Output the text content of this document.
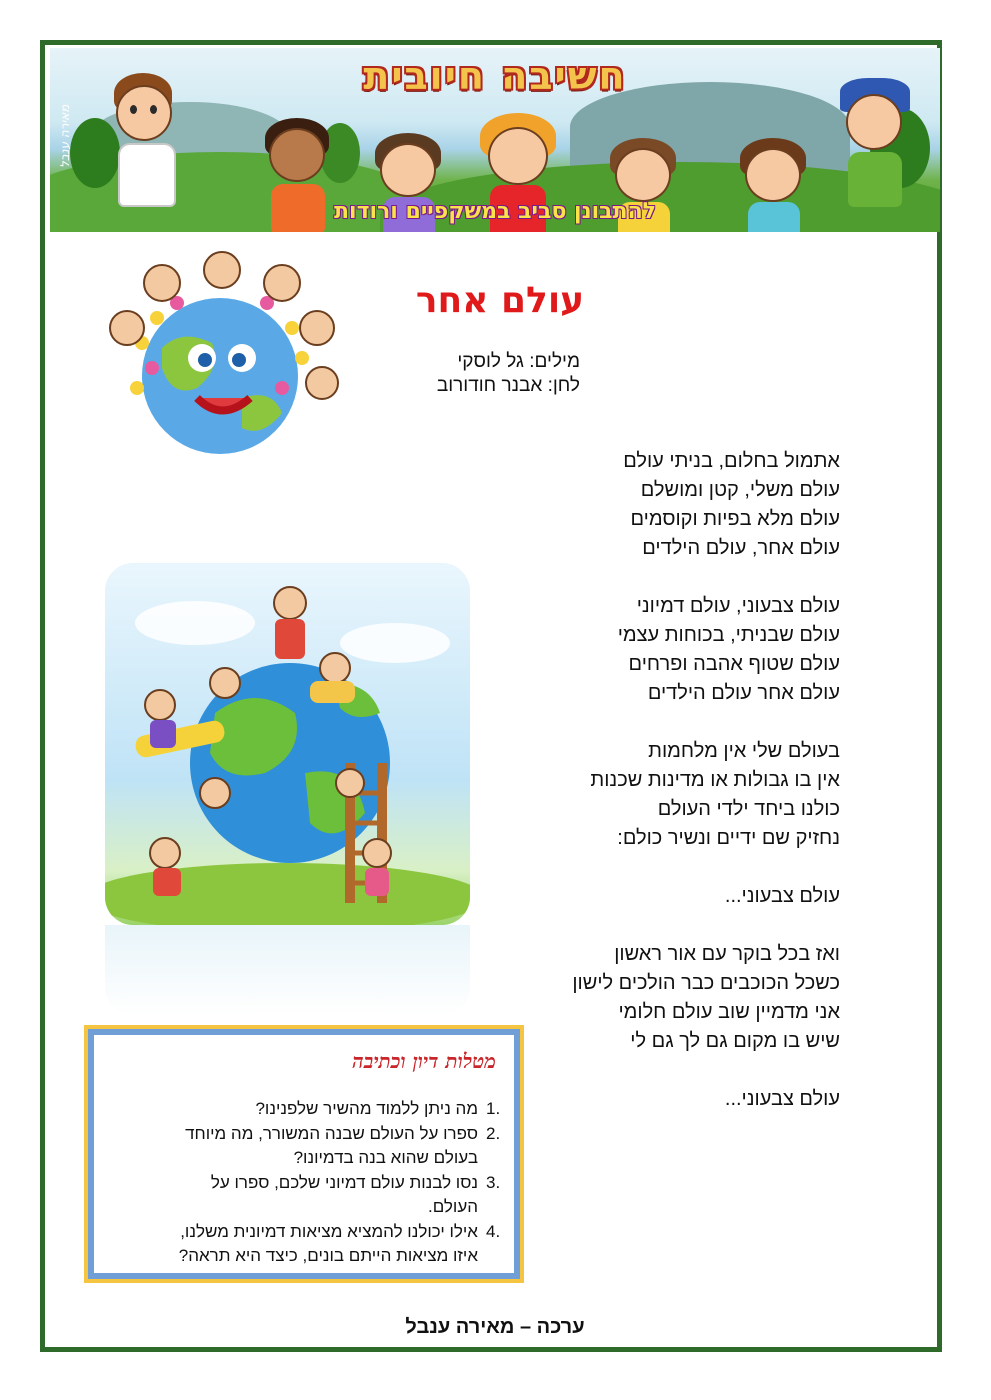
חשיבה חיובית
להתבונן סביב במשקפיים ורודות
מאירה ענבל
עולם אחר
מילים: גל לוסקי
לחן: אבנר חודורוב

אתמול בחלום, בניתי עולם

עולם משלי, קטן ומושלם

עולם מלא בפיות וקוסמים

עולם אחר, עולם הילדים

עולם צבעוני, עולם דמיוני

עולם שבניתי, בכוחות עצמי

עולם שטוף אהבה ופרחים

עולם אחר עולם הילדים

בעולם שלי אין מלחמות

אין בו גבולות או מדינות שכנות

כולנו ביחד ילדי העולם

נחזיק שם ידיים ונשיר כולם:

עולם צבעוני...

ואז בכל בוקר עם אור ראשון

כשכל הכוכבים כבר הולכים לישון

אני מדמיין שוב עולם חלומי

שיש בו מקום גם לך גם לי

עולם צבעוני...

מטלות דיון וכתיבה
1.
מה ניתן ללמוד מהשיר שלפנינו?
2.
ספרו על העולם שבנה המשורר, מה מיוחד
בעולם שהוא בנה בדמיונו?
3.
נסו לבנות עולם דמיוני שלכם, ספרו על
העולם.
4.
אילו יכולנו להמציא מציאות דמיונית משלנו,
איזו מציאות הייתם בונים, כיצד היא תראה?
ערכה – מאירה ענבל
